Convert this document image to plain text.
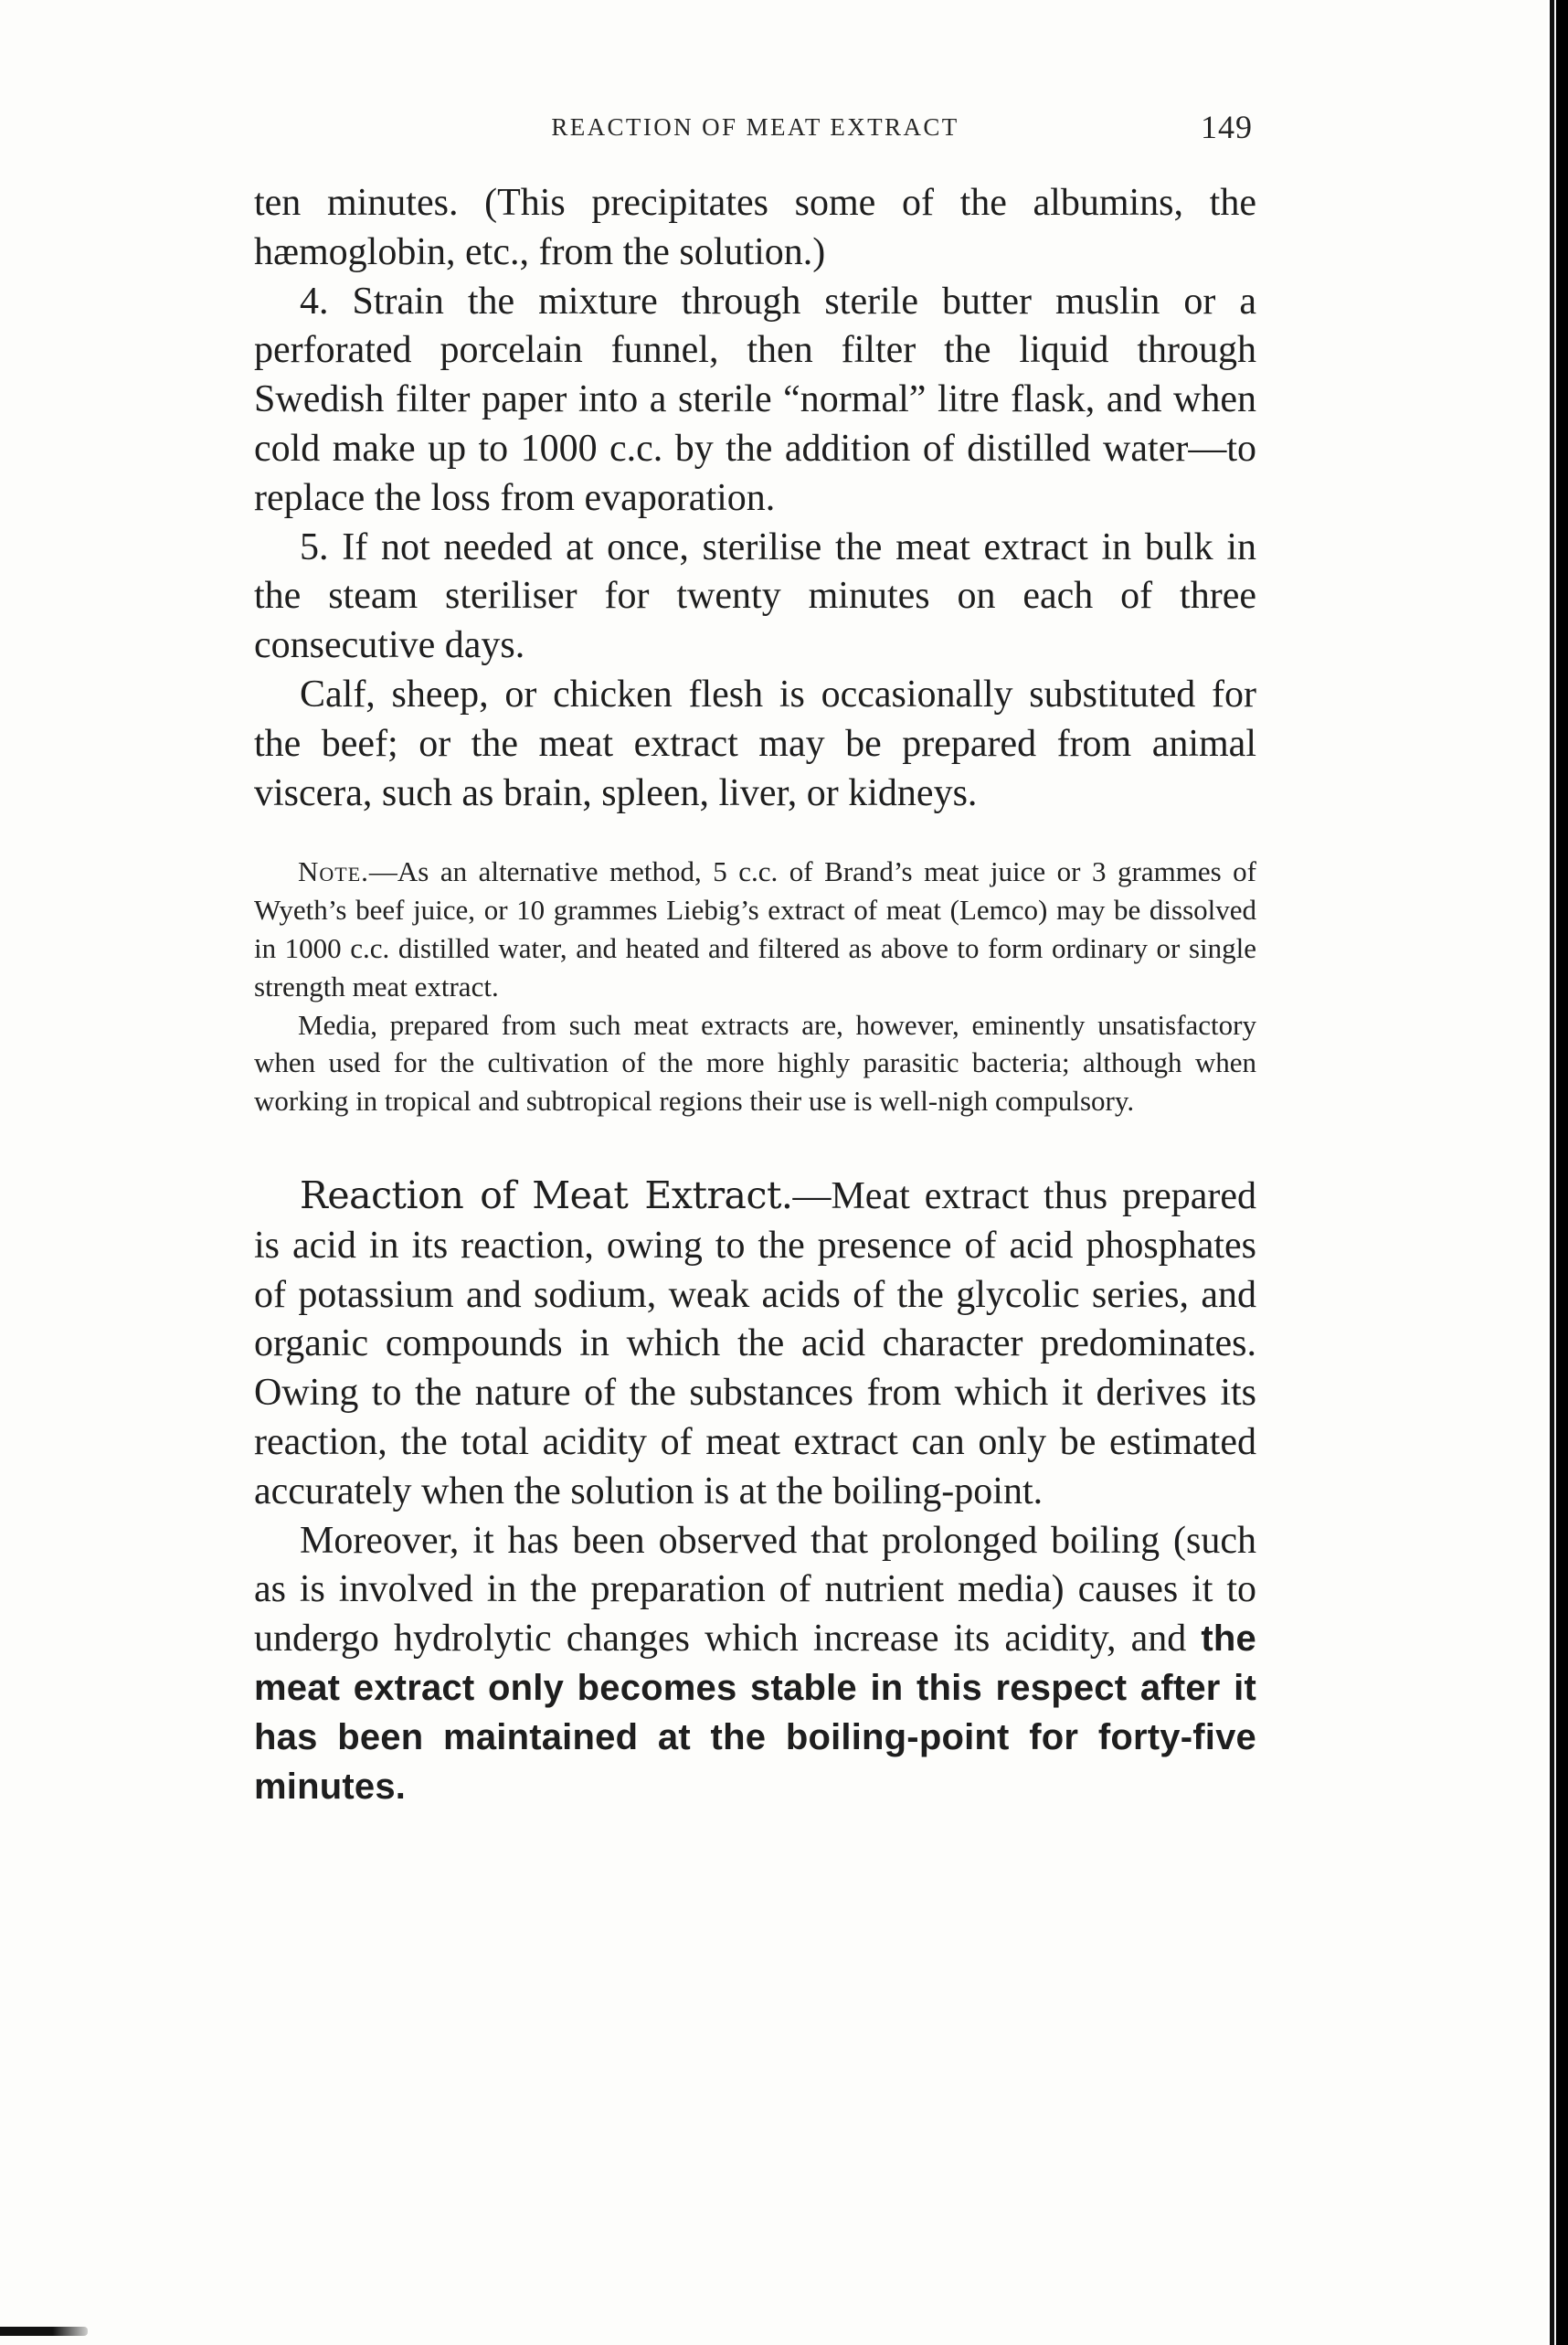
REACTION OF MEAT EXTRACT	149

ten minutes. (This precipitates some of the albumins, the hæmoglobin, etc., from the solution.)

4. Strain the mixture through sterile butter muslin or a perforated porcelain funnel, then filter the liquid through Swedish filter paper into a sterile “normal” litre flask, and when cold make up to 1000 c.c. by the addition of distilled water—to replace the loss from evaporation.

5. If not needed at once, sterilise the meat extract in bulk in the steam steriliser for twenty minutes on each of three consecutive days.

Calf, sheep, or chicken flesh is occasionally substituted for the beef; or the meat extract may be prepared from animal viscera, such as brain, spleen, liver, or kidneys.

Note.—As an alternative method, 5 c.c. of Brand’s meat juice or 3 grammes of Wyeth’s beef juice, or 10 grammes Liebig’s extract of meat (Lemco) may be dissolved in 1000 c.c. distilled water, and heated and filtered as above to form ordinary or single strength meat extract.

Media, prepared from such meat extracts are, however, eminently unsatisfactory when used for the cultivation of the more highly parasitic bacteria; although when working in tropical and subtropical regions their use is well-nigh compulsory.

Reaction of Meat Extract.—Meat extract thus prepared is acid in its reaction, owing to the presence of acid phosphates of potassium and sodium, weak acids of the glycolic series, and organic compounds in which the acid character predominates. Owing to the nature of the substances from which it derives its reaction, the total acidity of meat extract can only be estimated accurately when the solution is at the boiling-point.

Moreover, it has been observed that prolonged boiling (such as is involved in the preparation of nutrient media) causes it to undergo hydrolytic changes which increase its acidity, and the meat extract only becomes stable in this respect after it has been maintained at the boiling-point for forty-five minutes.
